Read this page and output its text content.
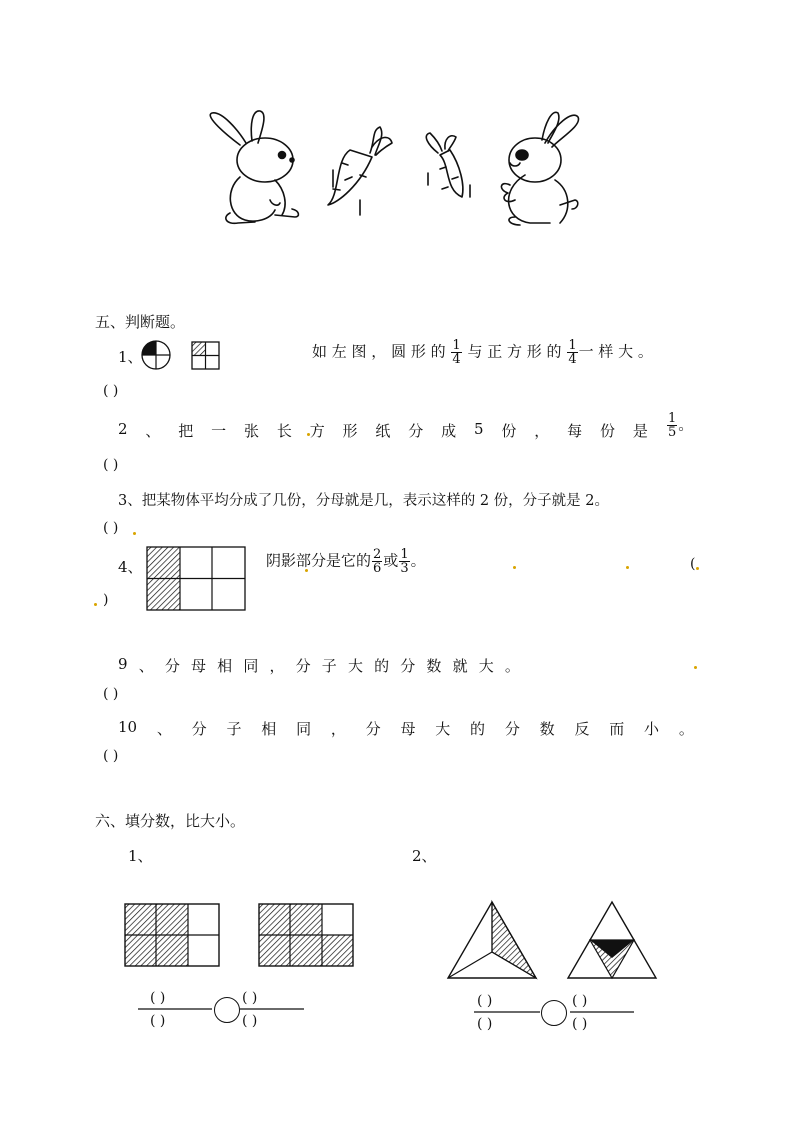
五、判断题。
1、	如 左 图 ， 圆 形 的 $\frac{1}{4}$ 与 正 方 形 的 $\frac{1}{4}$ 一 样 大 。
( )
2 、 把 一 张 长 方 形 纸 分 成 5 份 ， 每 份 是 $\frac{1}{5}$ 。
( )
3、把某物体平均分成了几份，分母就是几，表示这样的 2 份，分子就是 2。
( )
4、	阴影部分是它的 $\frac{2}{6}$ 或 $\frac{1}{3}$ 。	(
)
9 、 分 母 相 同 ， 分 子 大 的 分 数 就 大 。
( )
10 、 分 子 相 同 ， 分 母 大 的 分 数 反 而 小 。
( )
六、填分数，比大小。
1、	2、
( )
( )
( )
( )
( )
( )
( )
( )
